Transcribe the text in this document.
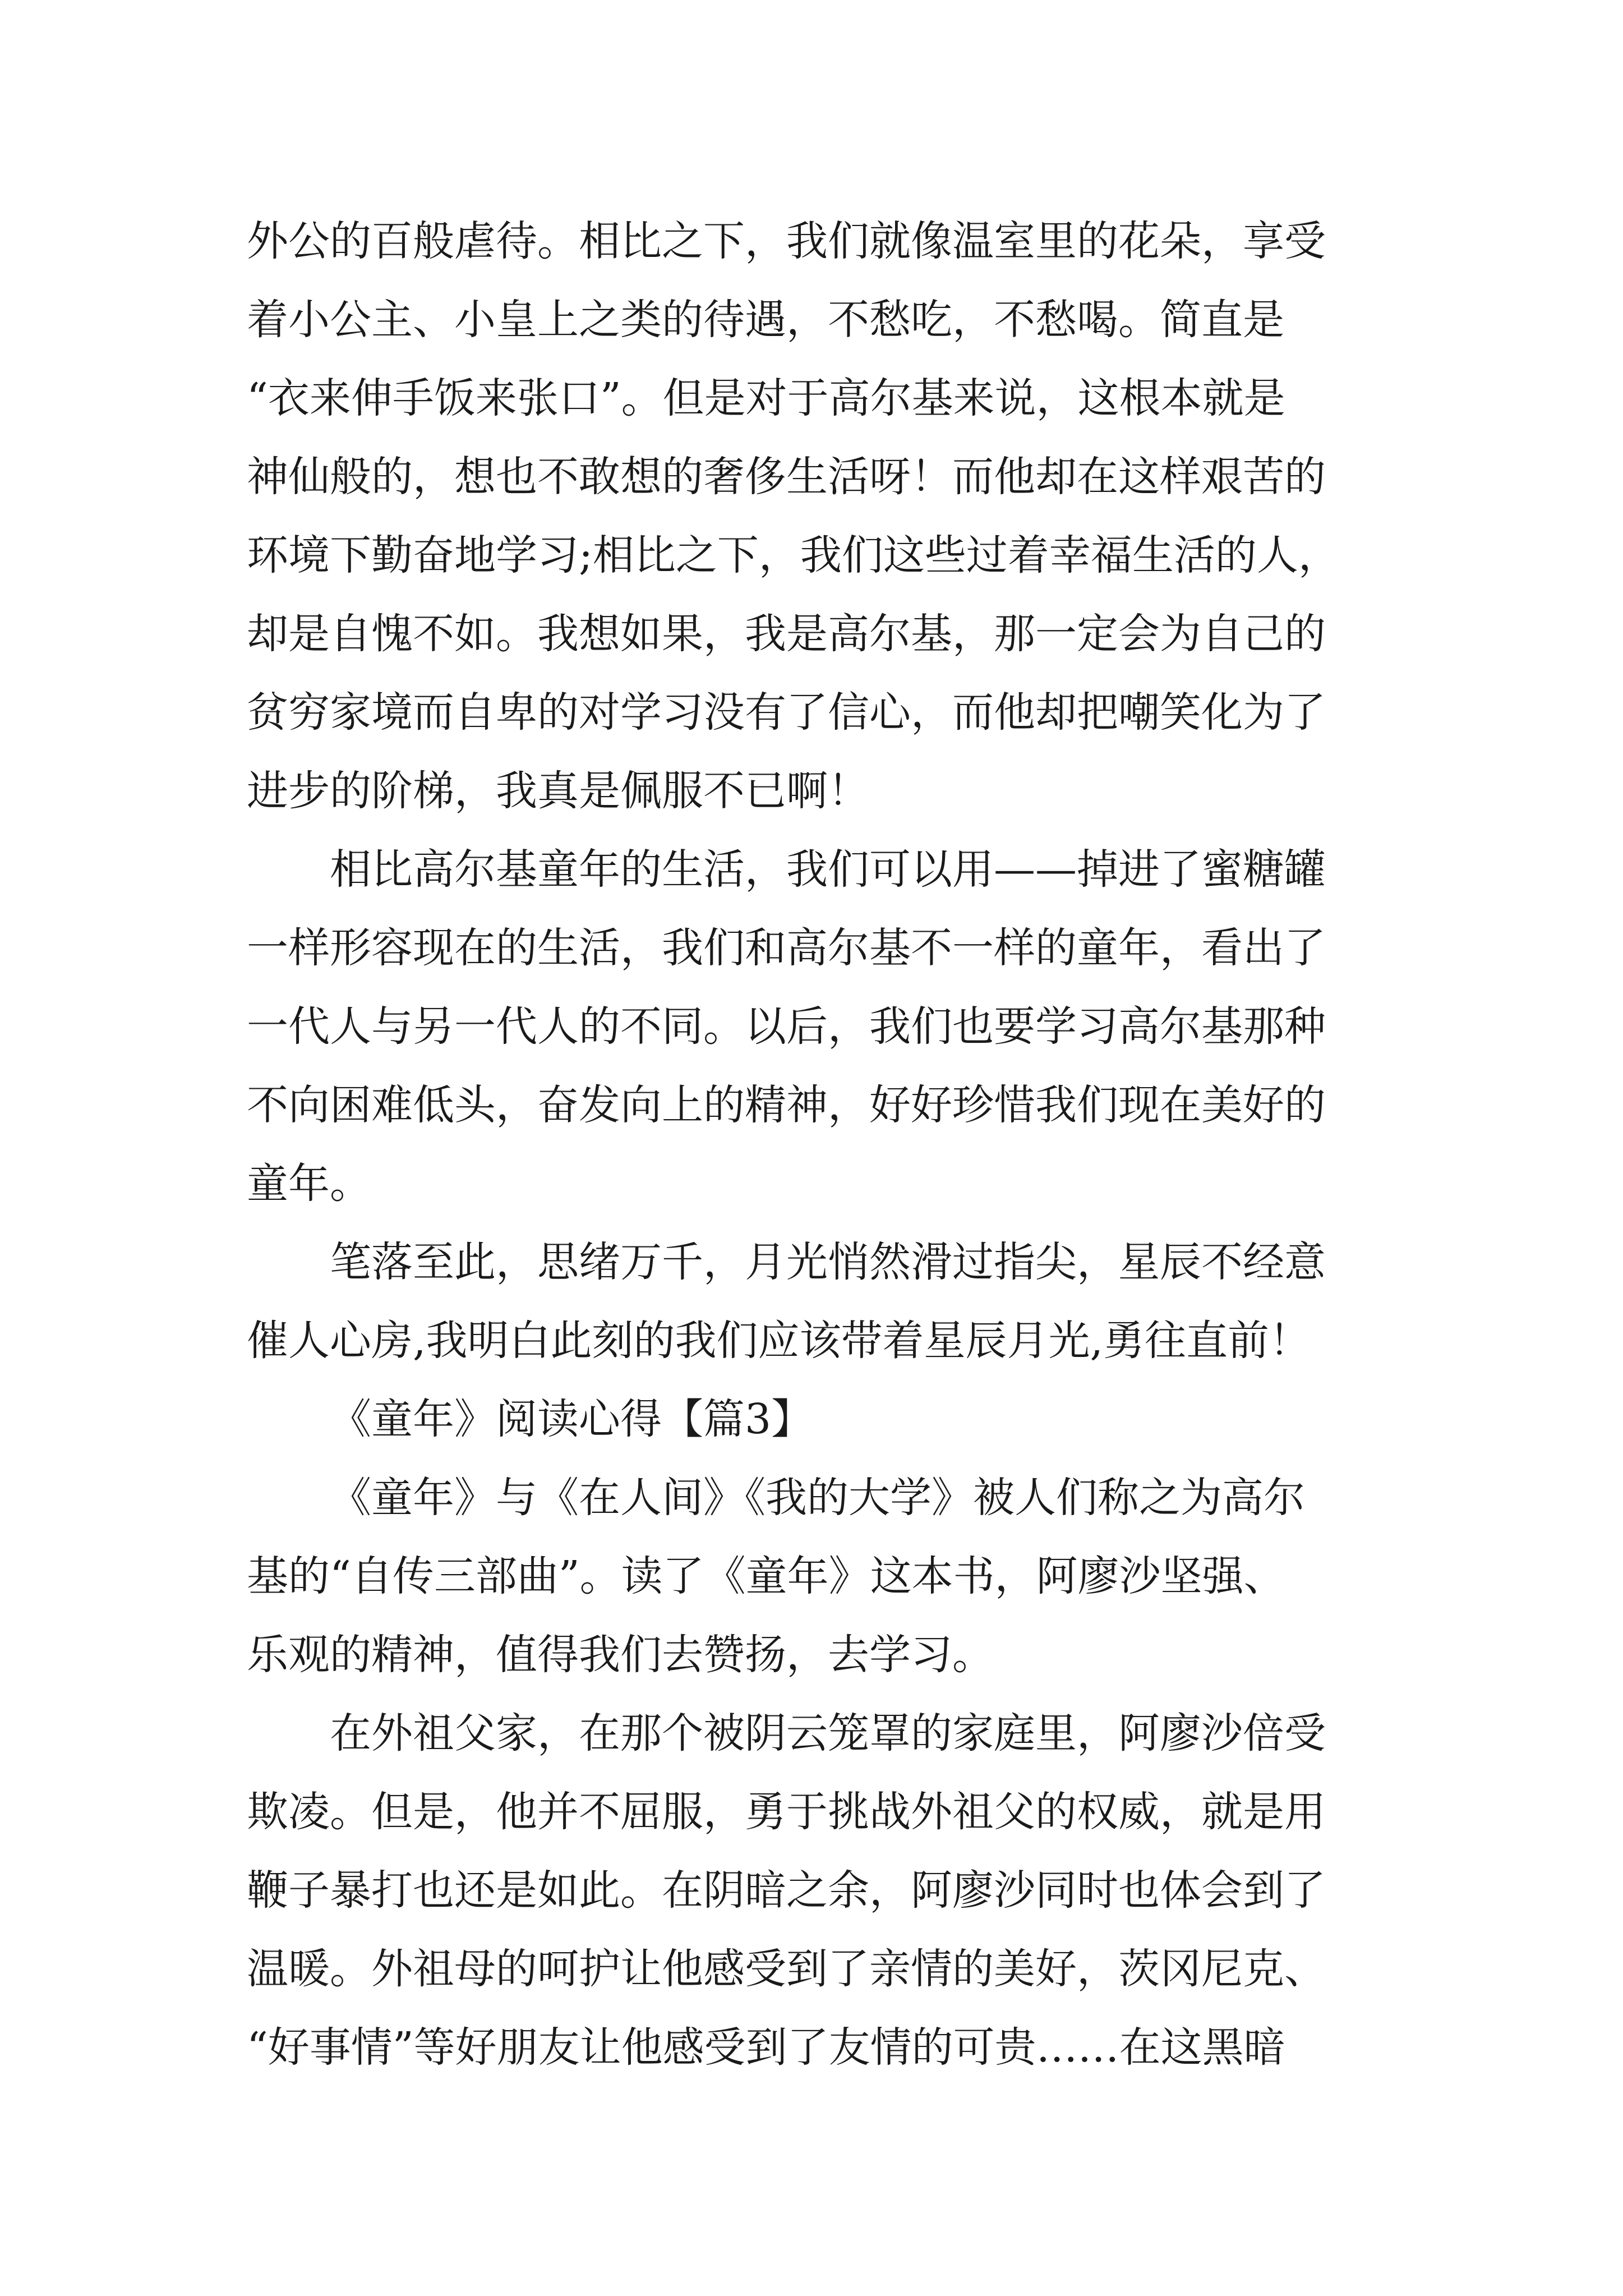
外公的百般虐待。相比之下，我们就像温室里的花朵，享受
着小公主、小皇上之类的待遇，不愁吃，不愁喝。简直是
“衣来伸手饭来张口”。但是对于高尔基来说，这根本就是
神仙般的，想也不敢想的奢侈生活呀！而他却在这样艰苦的
环境下勤奋地学习;相比之下，我们这些过着幸福生活的人，
却是自愧不如。我想如果，我是高尔基，那一定会为自己的
贫穷家境而自卑的对学习没有了信心，而他却把嘲笑化为了
进步的阶梯，我真是佩服不已啊！
相比高尔基童年的生活，我们可以用——掉进了蜜糖罐
一样形容现在的生活，我们和高尔基不一样的童年，看出了
一代人与另一代人的不同。以后，我们也要学习高尔基那种
不向困难低头，奋发向上的精神，好好珍惜我们现在美好的
童年。
笔落至此，思绪万千，月光悄然滑过指尖，星辰不经意
催人心房,我明白此刻的我们应该带着星辰月光,勇往直前！
《童年》阅读心得【篇3】
《童年》与《在人间》《我的大学》被人们称之为高尔
基的“自传三部曲”。读了《童年》这本书，阿廖沙坚强、
乐观的精神，值得我们去赞扬，去学习。
在外祖父家，在那个被阴云笼罩的家庭里，阿廖沙倍受
欺凌。但是，他并不屈服，勇于挑战外祖父的权威，就是用
鞭子暴打也还是如此。在阴暗之余，阿廖沙同时也体会到了
温暖。外祖母的呵护让他感受到了亲情的美好，茨冈尼克、
“好事情”等好朋友让他感受到了友情的可贵……在这黑暗
